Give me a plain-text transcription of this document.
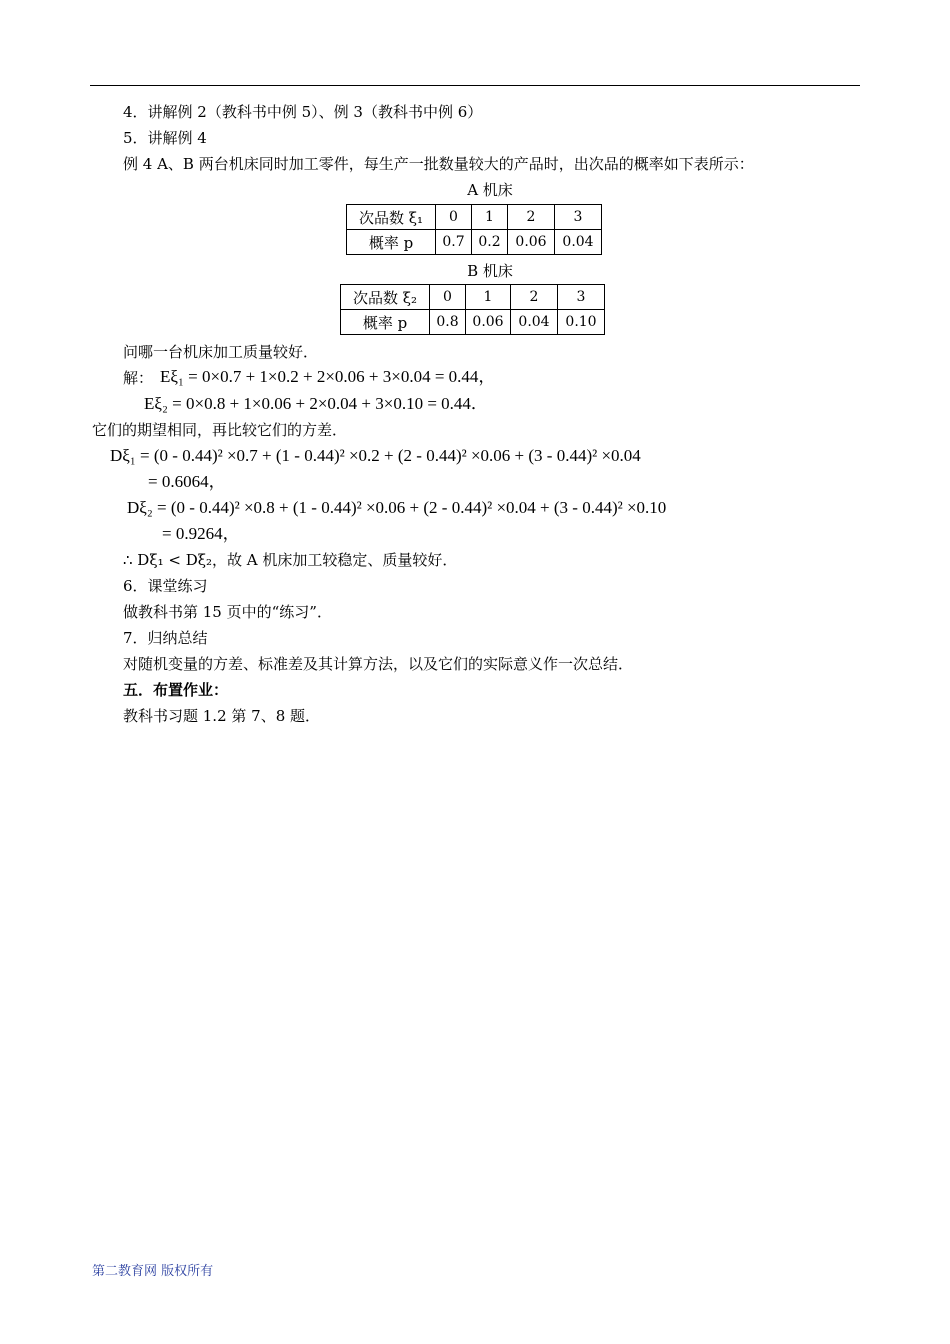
4．讲解例 2（教科书中例 5）、例 3（教科书中例 6）
5．讲解例 4
例 4 A、B 两台机床同时加工零件，每生产一批数量较大的产品时，出次品的概率如下表所示：
A 机床
次品数 ξ₁	0	1	2	3
概率 p	0.7	0.2	0.06	0.04
B 机床
次品数 ξ₂	0	1	2	3
概率 p	0.8	0.06	0.04	0.10
问哪一台机床加工质量较好．
解： Eξ₁ = 0×0.7 + 1×0.2 + 2×0.06 + 3×0.04 = 0.44，
Eξ₂ = 0×0.8 + 1×0.06 + 2×0.04 + 3×0.10 = 0.44．
它们的期望相同，再比较它们的方差．
Dξ₁ = (0 - 0.44)² ×0.7 + (1 - 0.44)² ×0.2 + (2 - 0.44)² ×0.06 + (3 - 0.44)² ×0.04
= 0.6064，
Dξ₂ = (0 - 0.44)² ×0.8 + (1 - 0.44)² ×0.06 + (2 - 0.44)² ×0.04 + (3 - 0.44)² ×0.10
= 0.9264，
∴ Dξ₁ < Dξ₂，故 A 机床加工较稳定、质量较好．
6．课堂练习
做教科书第 15 页中的“练习”．
7．归纳总结
对随机变量的方差、标准差及其计算方法，以及它们的实际意义作一次总结．
五．布置作业：
教科书习题 1.2 第 7、8 题．
第二教育网 版权所有
